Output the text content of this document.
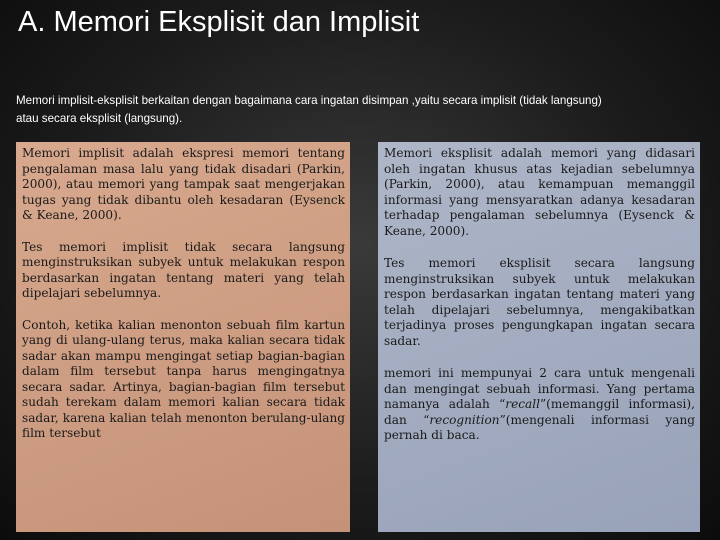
A. Memori Eksplisit dan Implisit

Memori implisit-eksplisit berkaitan dengan bagaimana cara ingatan disimpan ,yaitu secara implisit (tidak langsung) atau secara eksplisit (langsung).

Memori implisit adalah ekspresi memori tentang pengalaman masa lalu yang tidak disadari (Parkin, 2000), atau memori yang tampak saat mengerjakan tugas yang tidak dibantu oleh kesadaran (Eysenck & Keane, 2000).

Tes memori implisit tidak secara langsung menginstruksikan subyek untuk melakukan respon berdasarkan ingatan tentang materi yang telah dipelajari sebelumnya.

Contoh, ketika kalian menonton sebuah film kartun yang di ulang-ulang terus, maka kalian secara tidak sadar akan mampu mengingat setiap bagian-bagian dalam film tersebut tanpa harus mengingatnya secara sadar. Artinya, bagian-bagian film tersebut sudah terekam dalam memori kalian secara tidak sadar, karena kalian telah menonton berulang-ulang film tersebut

Memori eksplisit adalah memori yang didasari oleh ingatan khusus atas kejadian sebelumnya (Parkin, 2000), atau kemampuan memanggil informasi yang mensyaratkan adanya kesadaran terhadap pengalaman sebelumnya (Eysenck & Keane, 2000).

Tes memori eksplisit secara langsung menginstruksikan subyek untuk melakukan respon berdasarkan ingatan tentang materi yang telah dipelajari sebelumnya, mengakibatkan terjadinya proses pengungkapan ingatan secara sadar.

memori ini mempunyai 2 cara untuk mengenali dan mengingat sebuah informasi. Yang pertama namanya adalah “recall”(memanggil informasi), dan “recognition”(mengenali informasi yang pernah di baca.
